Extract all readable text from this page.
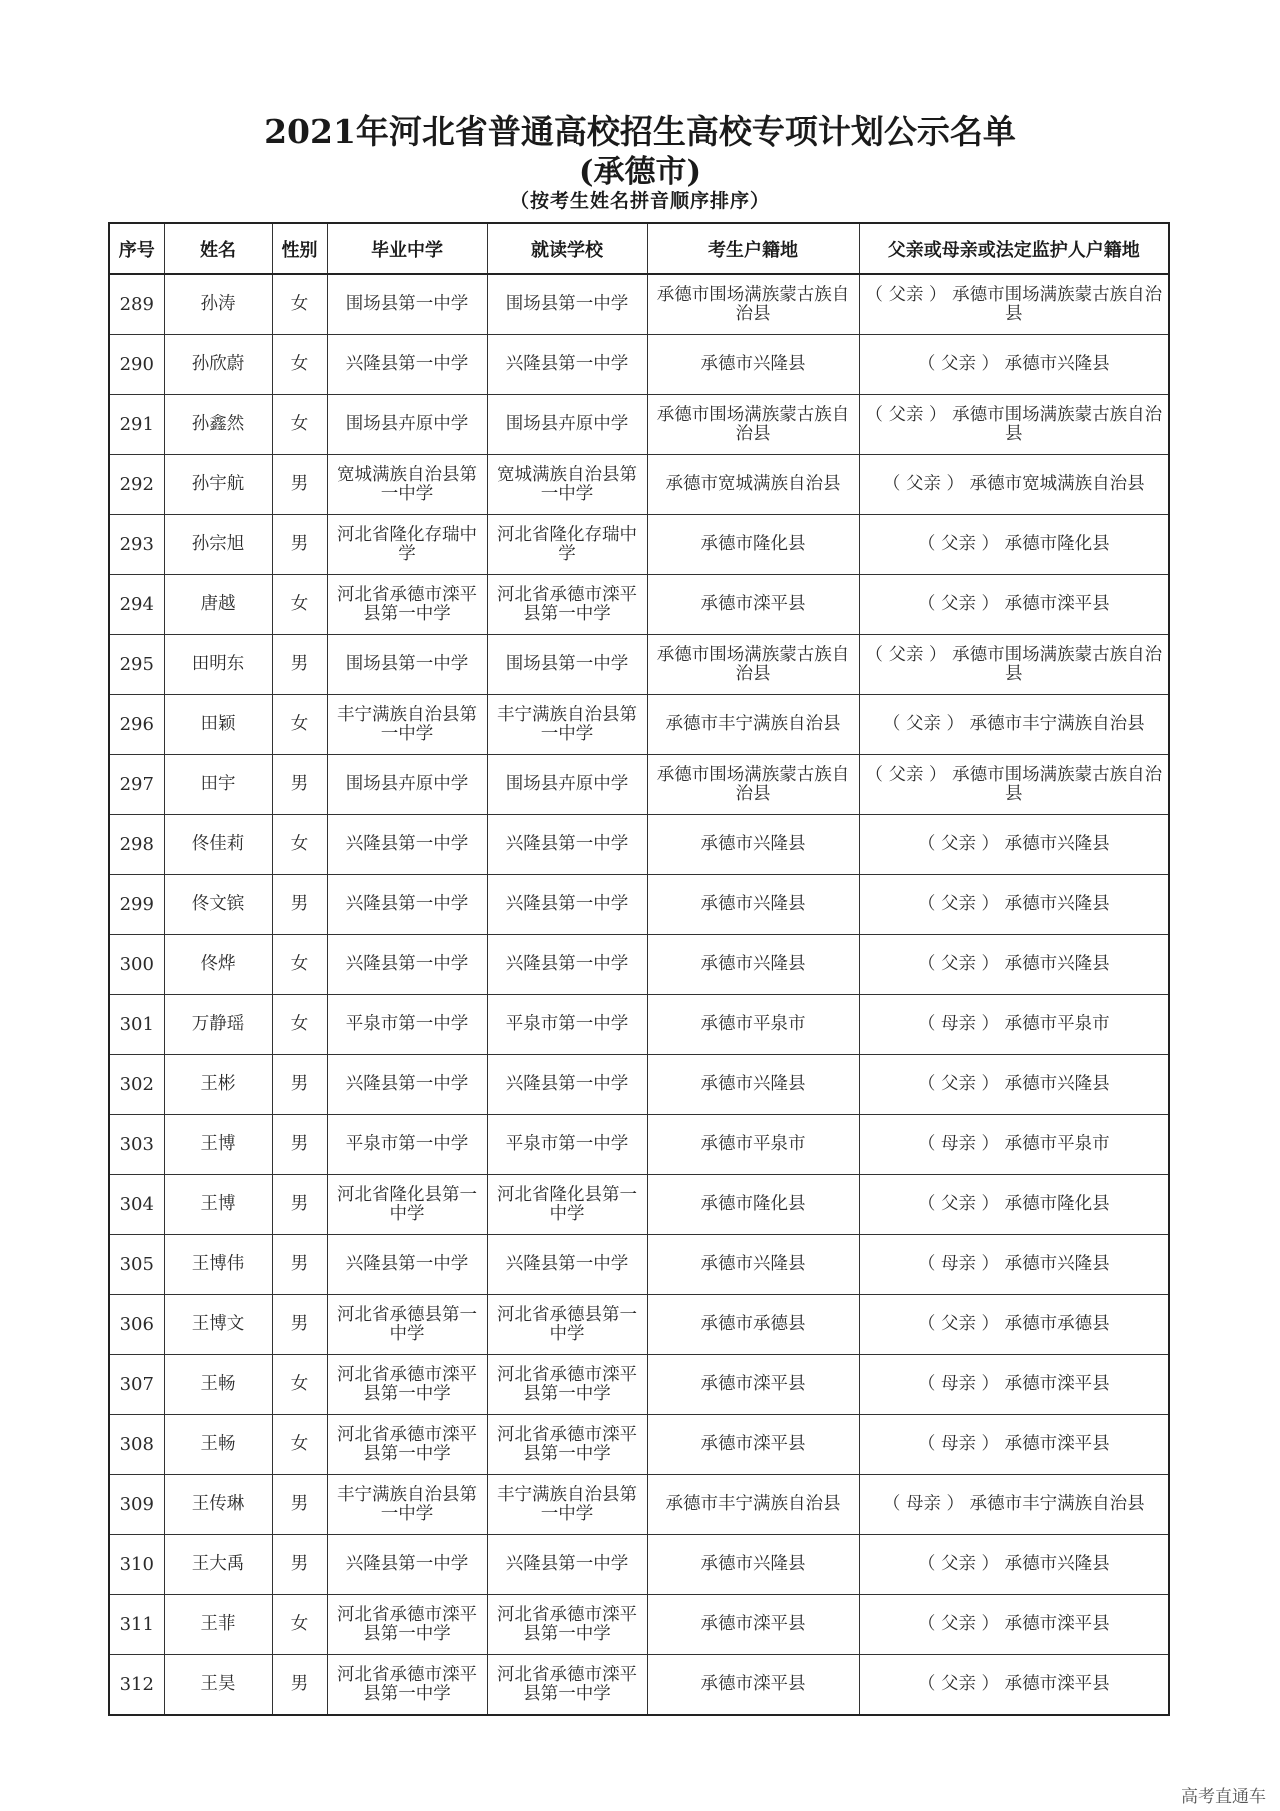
2021年河北省普通高校招生高校专项计划公示名单
(承德市)
（按考生姓名拼音顺序排序）
序号	姓名	性别	毕业中学	就读学校	考生户籍地	父亲或母亲或法定监护人户籍地
289	孙涛	女	围场县第一中学	围场县第一中学	承德市围场满族蒙古族自治县	（ 父亲 ） 承德市围场满族蒙古族自治县
290	孙欣蔚	女	兴隆县第一中学	兴隆县第一中学	承德市兴隆县	（ 父亲 ） 承德市兴隆县
291	孙鑫然	女	围场县卉原中学	围场县卉原中学	承德市围场满族蒙古族自治县	（ 父亲 ） 承德市围场满族蒙古族自治县
292	孙宇航	男	宽城满族自治县第一中学	宽城满族自治县第一中学	承德市宽城满族自治县	（ 父亲 ） 承德市宽城满族自治县
293	孙宗旭	男	河北省隆化存瑞中学	河北省隆化存瑞中学	承德市隆化县	（ 父亲 ） 承德市隆化县
294	唐越	女	河北省承德市滦平县第一中学	河北省承德市滦平县第一中学	承德市滦平县	（ 父亲 ） 承德市滦平县
295	田明东	男	围场县第一中学	围场县第一中学	承德市围场满族蒙古族自治县	（ 父亲 ） 承德市围场满族蒙古族自治县
296	田颖	女	丰宁满族自治县第一中学	丰宁满族自治县第一中学	承德市丰宁满族自治县	（ 父亲 ） 承德市丰宁满族自治县
297	田宇	男	围场县卉原中学	围场县卉原中学	承德市围场满族蒙古族自治县	（ 父亲 ） 承德市围场满族蒙古族自治县
298	佟佳莉	女	兴隆县第一中学	兴隆县第一中学	承德市兴隆县	（ 父亲 ） 承德市兴隆县
299	佟文镔	男	兴隆县第一中学	兴隆县第一中学	承德市兴隆县	（ 父亲 ） 承德市兴隆县
300	佟烨	女	兴隆县第一中学	兴隆县第一中学	承德市兴隆县	（ 父亲 ） 承德市兴隆县
301	万静瑶	女	平泉市第一中学	平泉市第一中学	承德市平泉市	（ 母亲 ） 承德市平泉市
302	王彬	男	兴隆县第一中学	兴隆县第一中学	承德市兴隆县	（ 父亲 ） 承德市兴隆县
303	王博	男	平泉市第一中学	平泉市第一中学	承德市平泉市	（ 母亲 ） 承德市平泉市
304	王博	男	河北省隆化县第一中学	河北省隆化县第一中学	承德市隆化县	（ 父亲 ） 承德市隆化县
305	王博伟	男	兴隆县第一中学	兴隆县第一中学	承德市兴隆县	（ 母亲 ） 承德市兴隆县
306	王博文	男	河北省承德县第一中学	河北省承德县第一中学	承德市承德县	（ 父亲 ） 承德市承德县
307	王畅	女	河北省承德市滦平县第一中学	河北省承德市滦平县第一中学	承德市滦平县	（ 母亲 ） 承德市滦平县
308	王畅	女	河北省承德市滦平县第一中学	河北省承德市滦平县第一中学	承德市滦平县	（ 母亲 ） 承德市滦平县
309	王传琳	男	丰宁满族自治县第一中学	丰宁满族自治县第一中学	承德市丰宁满族自治县	（ 母亲 ） 承德市丰宁满族自治县
310	王大禹	男	兴隆县第一中学	兴隆县第一中学	承德市兴隆县	（ 父亲 ） 承德市兴隆县
311	王菲	女	河北省承德市滦平县第一中学	河北省承德市滦平县第一中学	承德市滦平县	（ 父亲 ） 承德市滦平县
312	王昊	男	河北省承德市滦平县第一中学	河北省承德市滦平县第一中学	承德市滦平县	（ 父亲 ） 承德市滦平县
高考直通车
